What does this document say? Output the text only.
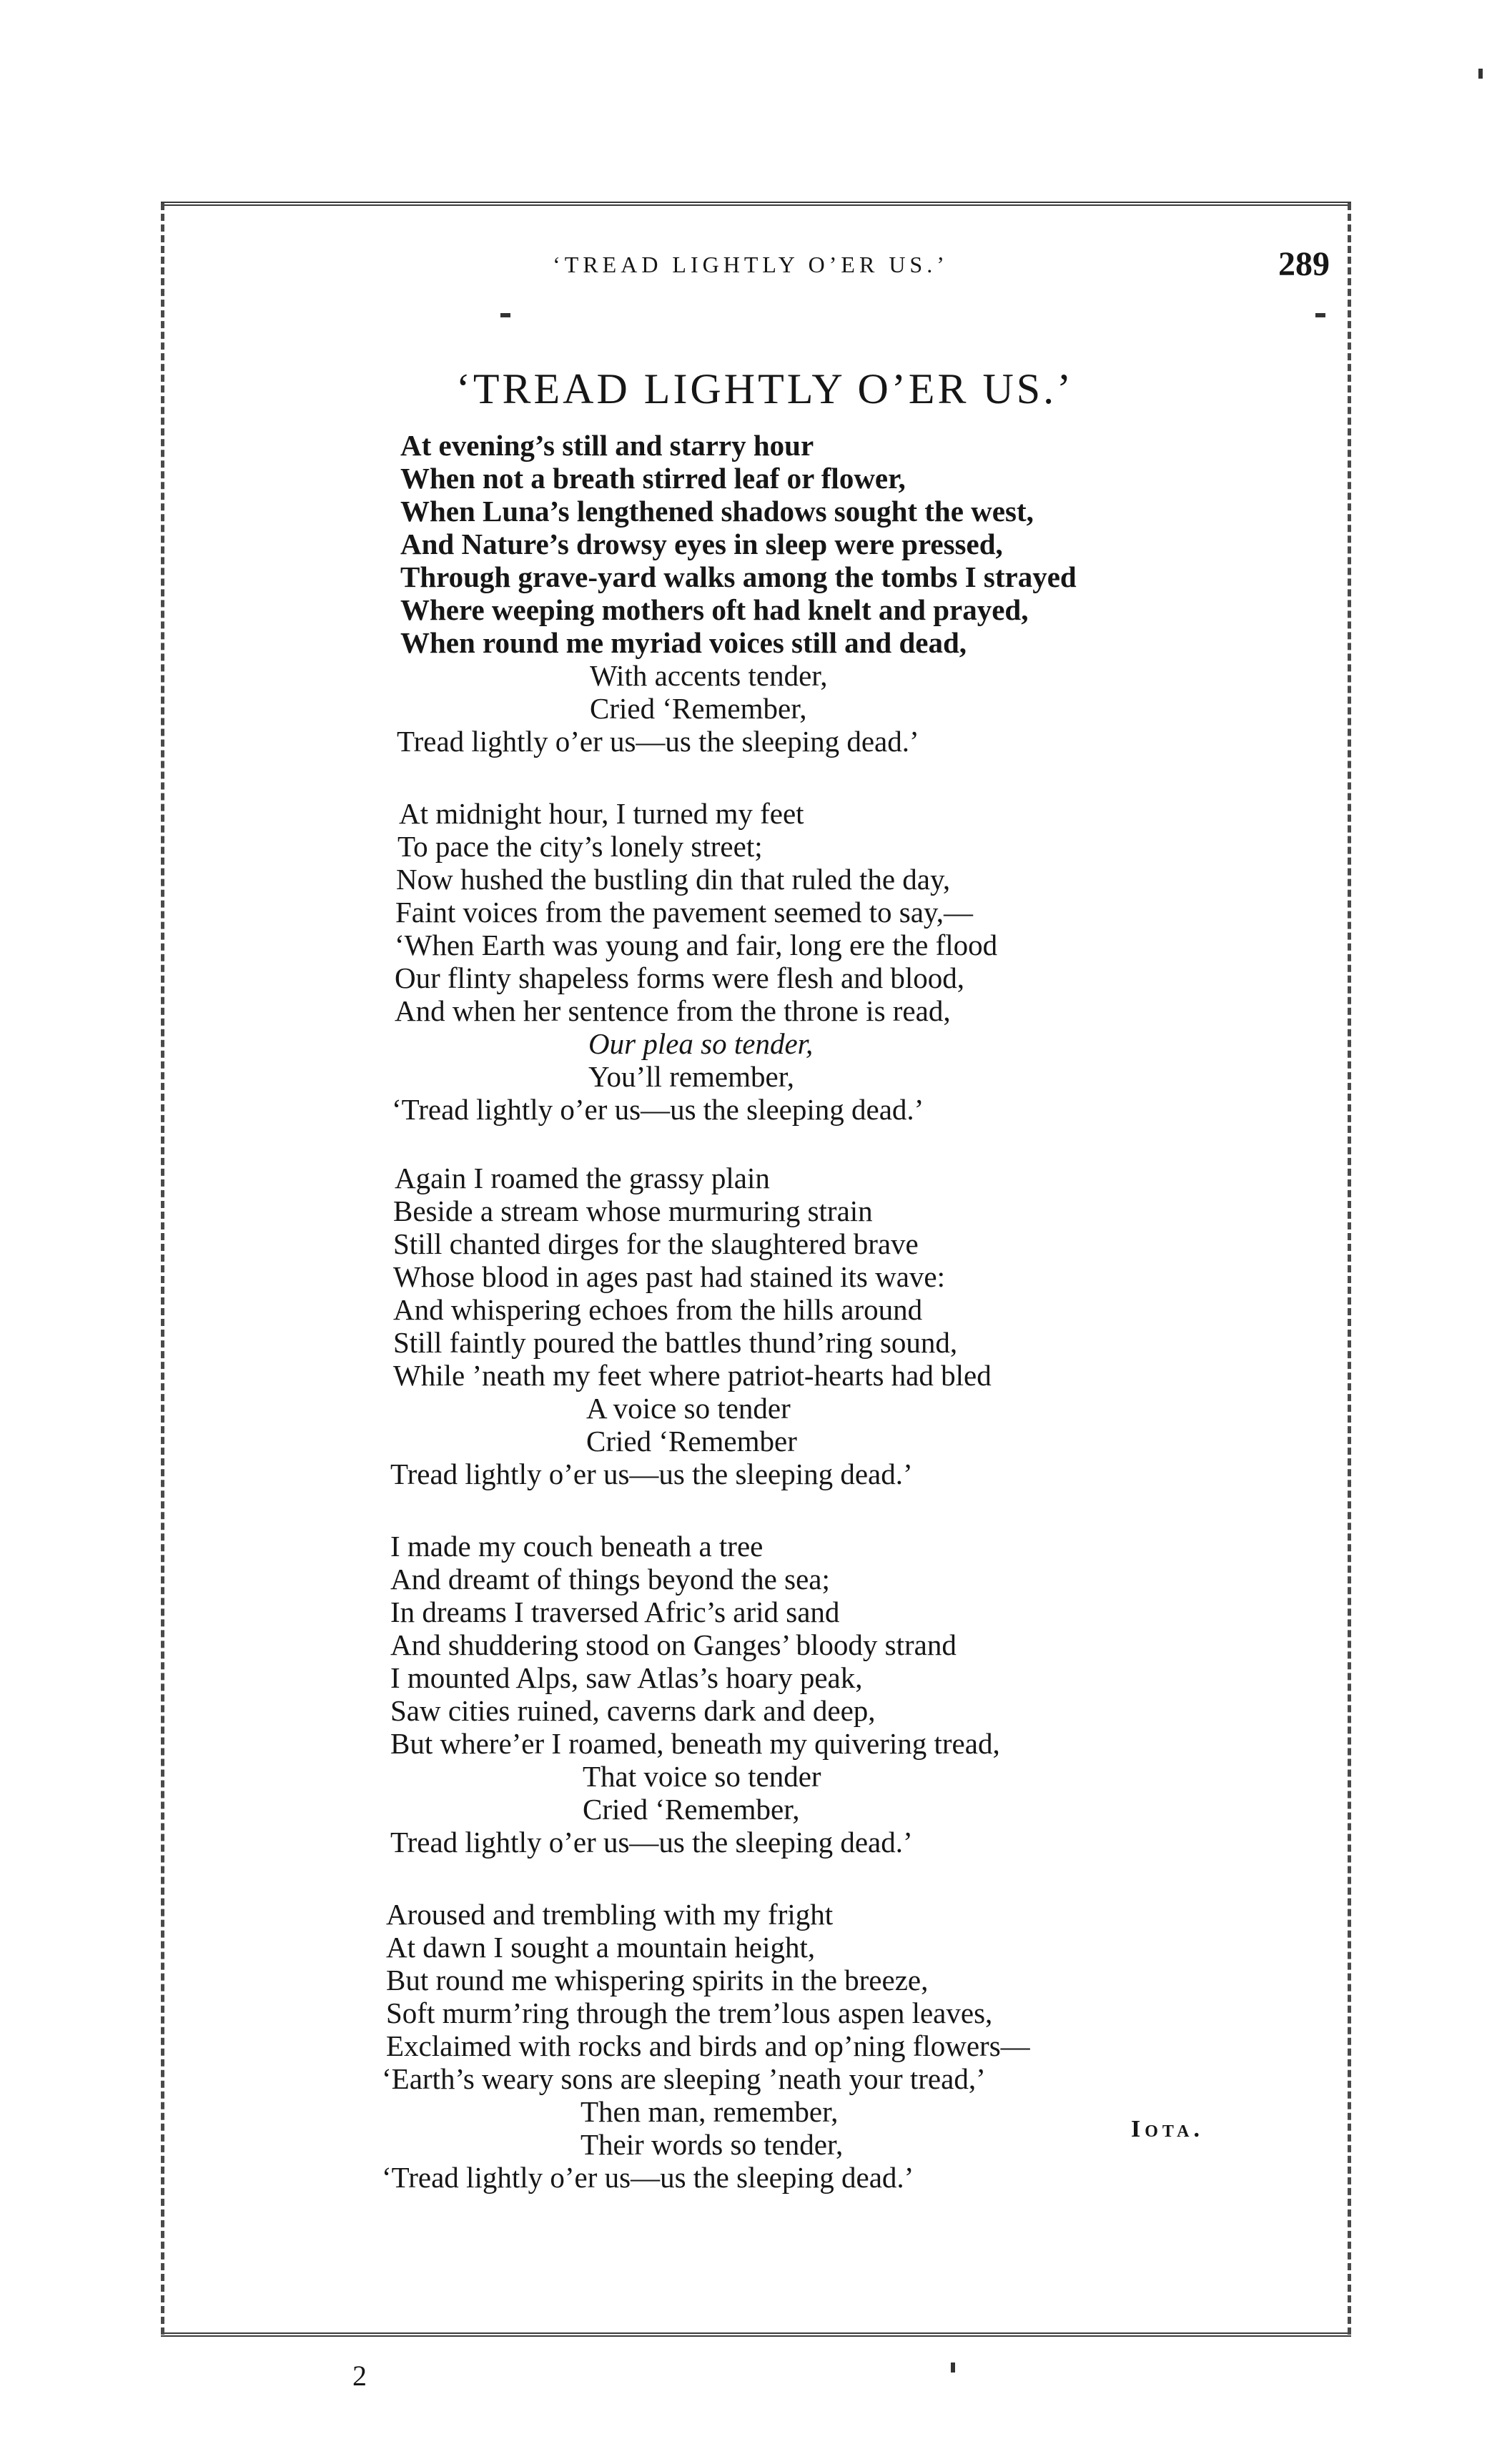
‘TREAD LIGHTLY O’ER US.’	289
‘TREAD LIGHTLY O’ER US.’
At evening’s still and starry hour
When not a breath stirred leaf or flower,
When Luna’s lengthened shadows sought the west,
And Nature’s drowsy eyes in sleep were pressed,
Through grave-yard walks among the tombs I strayed
Where weeping mothers oft had knelt and prayed,
When round me myriad voices still and dead,
With accents tender,
Cried ‘Remember,
Tread lightly o’er us—us the sleeping dead.’
At midnight hour, I turned my feet
To pace the city’s lonely street;
Now hushed the bustling din that ruled the day,
Faint voices from the pavement seemed to say,—
‘When Earth was young and fair, long ere the flood
Our flinty shapeless forms were flesh and blood,
And when her sentence from the throne is read,
Our plea so tender,
You’ll remember,
‘Tread lightly o’er us—us the sleeping dead.’
Again I roamed the grassy plain
Beside a stream whose murmuring strain
Still chanted dirges for the slaughtered brave
Whose blood in ages past had stained its wave:
And whispering echoes from the hills around
Still faintly poured the battles thund’ring sound,
While ’neath my feet where patriot-hearts had bled
A voice so tender
Cried ‘Remember
Tread lightly o’er us—us the sleeping dead.’
I made my couch beneath a tree
And dreamt of things beyond the sea;
In dreams I traversed Afric’s arid sand
And shuddering stood on Ganges’ bloody strand
I mounted Alps, saw Atlas’s hoary peak,
Saw cities ruined, caverns dark and deep,
But where’er I roamed, beneath my quivering tread,
That voice so tender
Cried ‘Remember,
Tread lightly o’er us—us the sleeping dead.’
Aroused and trembling with my fright
At dawn I sought a mountain height,
But round me whispering spirits in the breeze,
Soft murm’ring through the trem’lous aspen leaves,
Exclaimed with rocks and birds and op’ning flowers—
‘Earth’s weary sons are sleeping ’neath your tread,’
Then man, remember,
Their words so tender,
‘Tread lightly o’er us—us the sleeping dead.’
Iota.
2
